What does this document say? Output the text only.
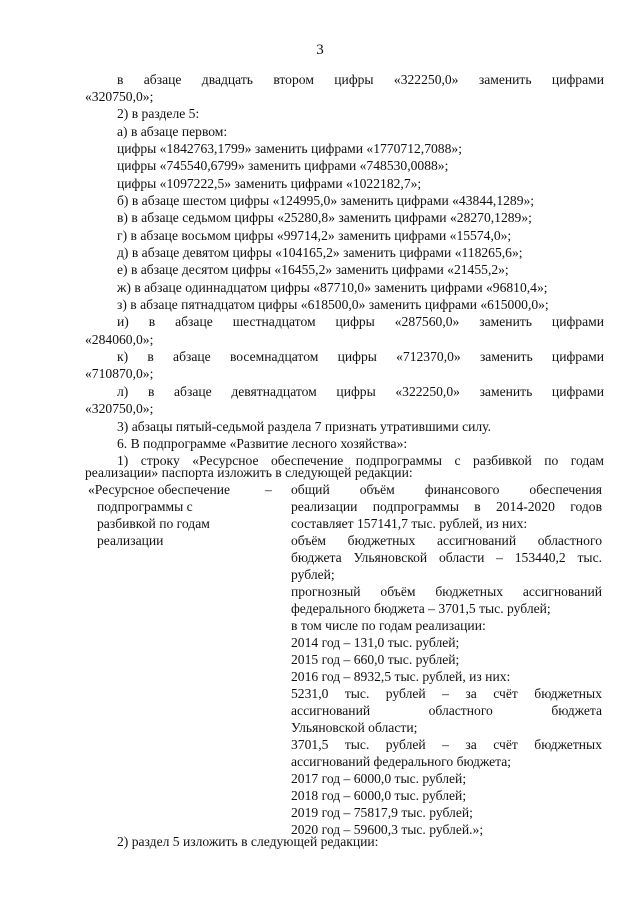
3
в абзаце двадцать втором цифры «322250,0» заменить цифрами
«320750,0»;
2) в разделе 5:
а) в абзаце первом:
цифры «1842763,1799» заменить цифрами «1770712,7088»;
цифры «745540,6799» заменить цифрами «748530,0088»;
цифры «1097222,5» заменить цифрами «1022182,7»;
б) в абзаце шестом цифры «124995,0» заменить цифрами «43844,1289»;
в) в абзаце седьмом цифры «25280,8» заменить цифрами «28270,1289»;
г) в абзаце восьмом цифры «99714,2» заменить цифрами «15574,0»;
д) в абзаце девятом цифры «104165,2» заменить цифрами «118265,6»;
е) в абзаце десятом цифры «16455,2» заменить цифрами «21455,2»;
ж) в абзаце одиннадцатом цифры «87710,0» заменить цифрами «96810,4»;
з) в абзаце пятнадцатом цифры «618500,0» заменить цифрами «615000,0»;
и) в абзаце шестнадцатом цифры «287560,0» заменить цифрами
«284060,0»;
к) в абзаце восемнадцатом цифры «712370,0» заменить цифрами
«710870,0»;
л) в абзаце девятнадцатом цифры «322250,0» заменить цифрами
«320750,0»;
3) абзацы пятый-седьмой раздела 7 признать утратившими силу.
6. В подпрограмме «Развитие лесного хозяйства»:
1) строку «Ресурсное обеспечение подпрограммы с разбивкой по годам
реализации» паспорта изложить в следующей редакции:
«Ресурсное обеспечение
подпрограммы с
разбивкой по годам
реализации
– общий объём финансового обеспечения
реализации подпрограммы в 2014-2020 годов
составляет 157141,7 тыс. рублей, из них:
объём бюджетных ассигнований областного
бюджета Ульяновской области – 153440,2 тыс.
рублей;
прогнозный объём бюджетных ассигнований
федерального бюджета – 3701,5 тыс. рублей;
в том числе по годам реализации:
2014 год – 131,0 тыс. рублей;
2015 год – 660,0 тыс. рублей;
2016 год – 8932,5 тыс. рублей, из них:
5231,0 тыс. рублей – за счёт бюджетных
ассигнований областного бюджета
Ульяновской области;
3701,5 тыс. рублей – за счёт бюджетных
ассигнований федерального бюджета;
2017 год – 6000,0 тыс. рублей;
2018 год – 6000,0 тыс. рублей;
2019 год – 75817,9 тыс. рублей;
2020 год – 59600,3 тыс. рублей.»;
2) раздел 5 изложить в следующей редакции:
